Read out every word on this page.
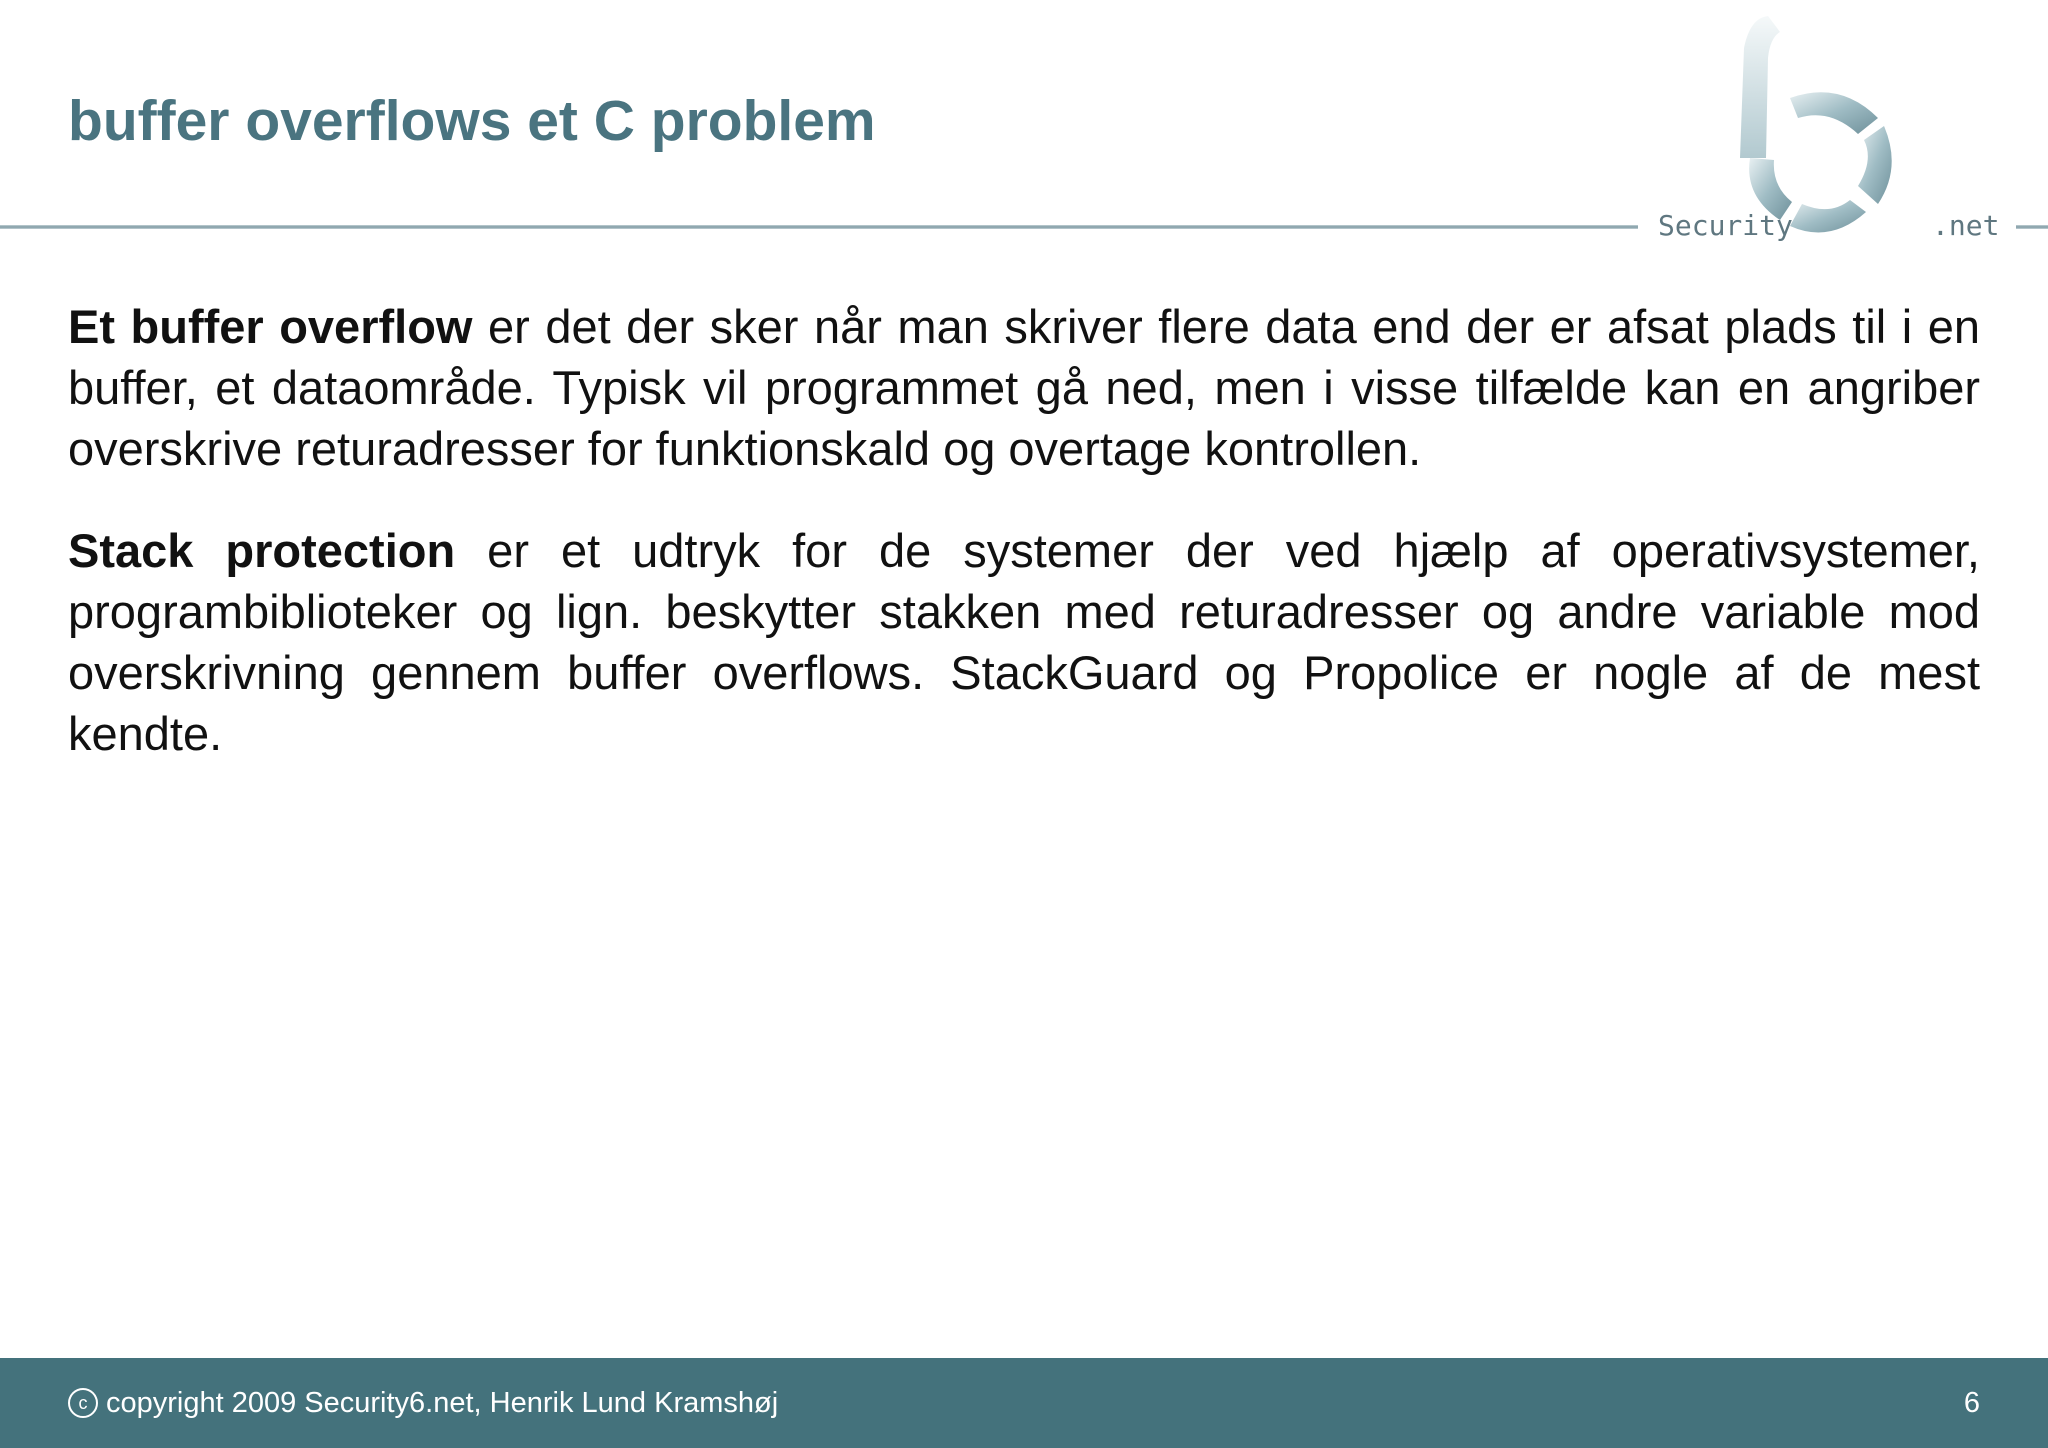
buffer overflows et C problem
Security	.net

Et buffer overflow er det der sker når man skriver flere data end der er afsat plads til i en buffer, et dataområde. Typisk vil programmet gå ned, men i visse tilfælde kan en angriber overskrive returadresser for funktionskald og overtage kontrollen.

Stack protection er et udtryk for de systemer der ved hjælp af operativsystemer, programbiblioteker og lign. beskytter stakken med returadresser og andre variable mod overskrivning gennem buffer overflows. StackGuard og Propolice er nogle af de mest kendte.

c copyright 2009 Security6.net, Henrik Lund Kramshøj	6
